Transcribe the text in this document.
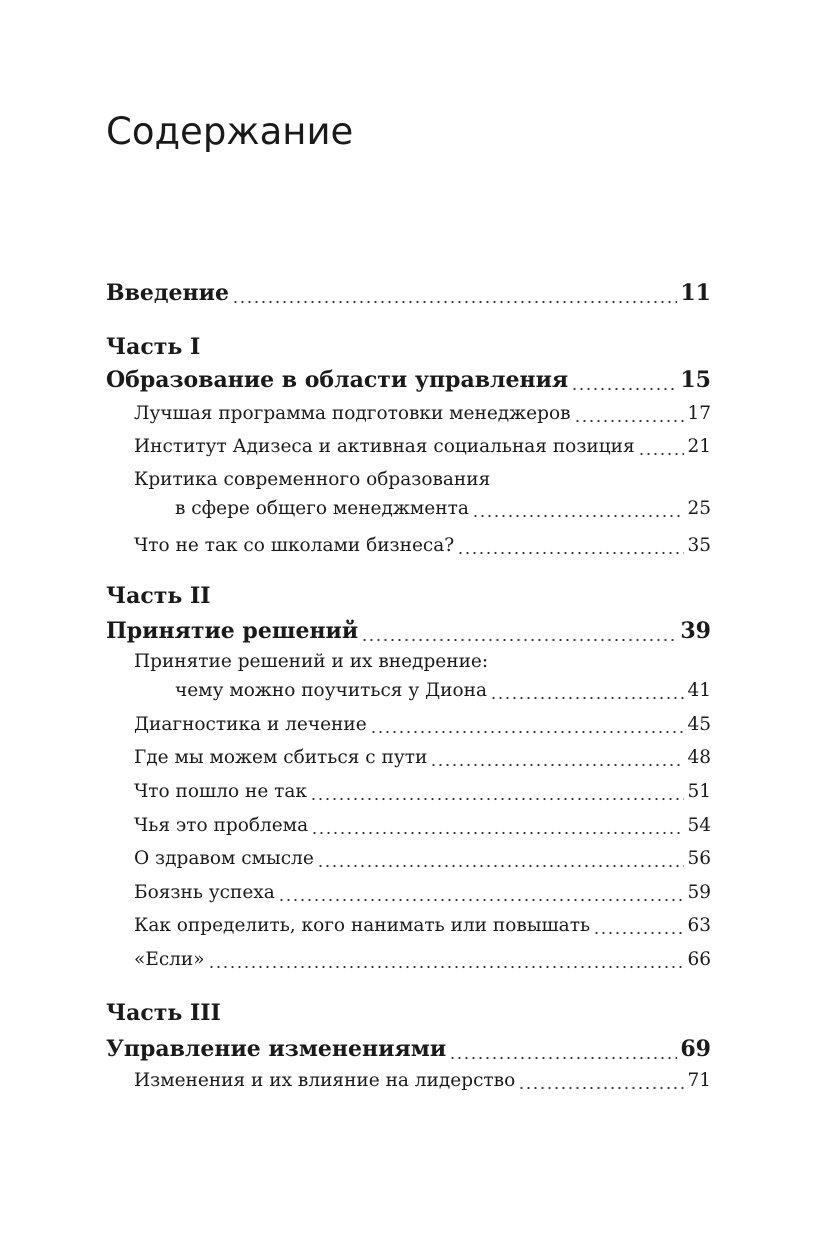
Содержание
Введение	11
Часть I
Образование в области управления	15
Лучшая программа подготовки менеджеров	17
Институт Адизеса и активная социальная позиция	21
Критика современного образования
в сфере общего менеджмента	25
Что не так со школами бизнеса?	35
Часть II
Принятие решений	39
Принятие решений и их внедрение:
чему можно поучиться у Диона	41
Диагностика и лечение	45
Где мы можем сбиться с пути	48
Что пошло не так	51
Чья это проблема	54
О здравом смысле	56
Боязнь успеха	59
Как определить, кого нанимать или повышать	63
«Если»	66
Часть III
Управление изменениями	69
Изменения и их влияние на лидерство	71
